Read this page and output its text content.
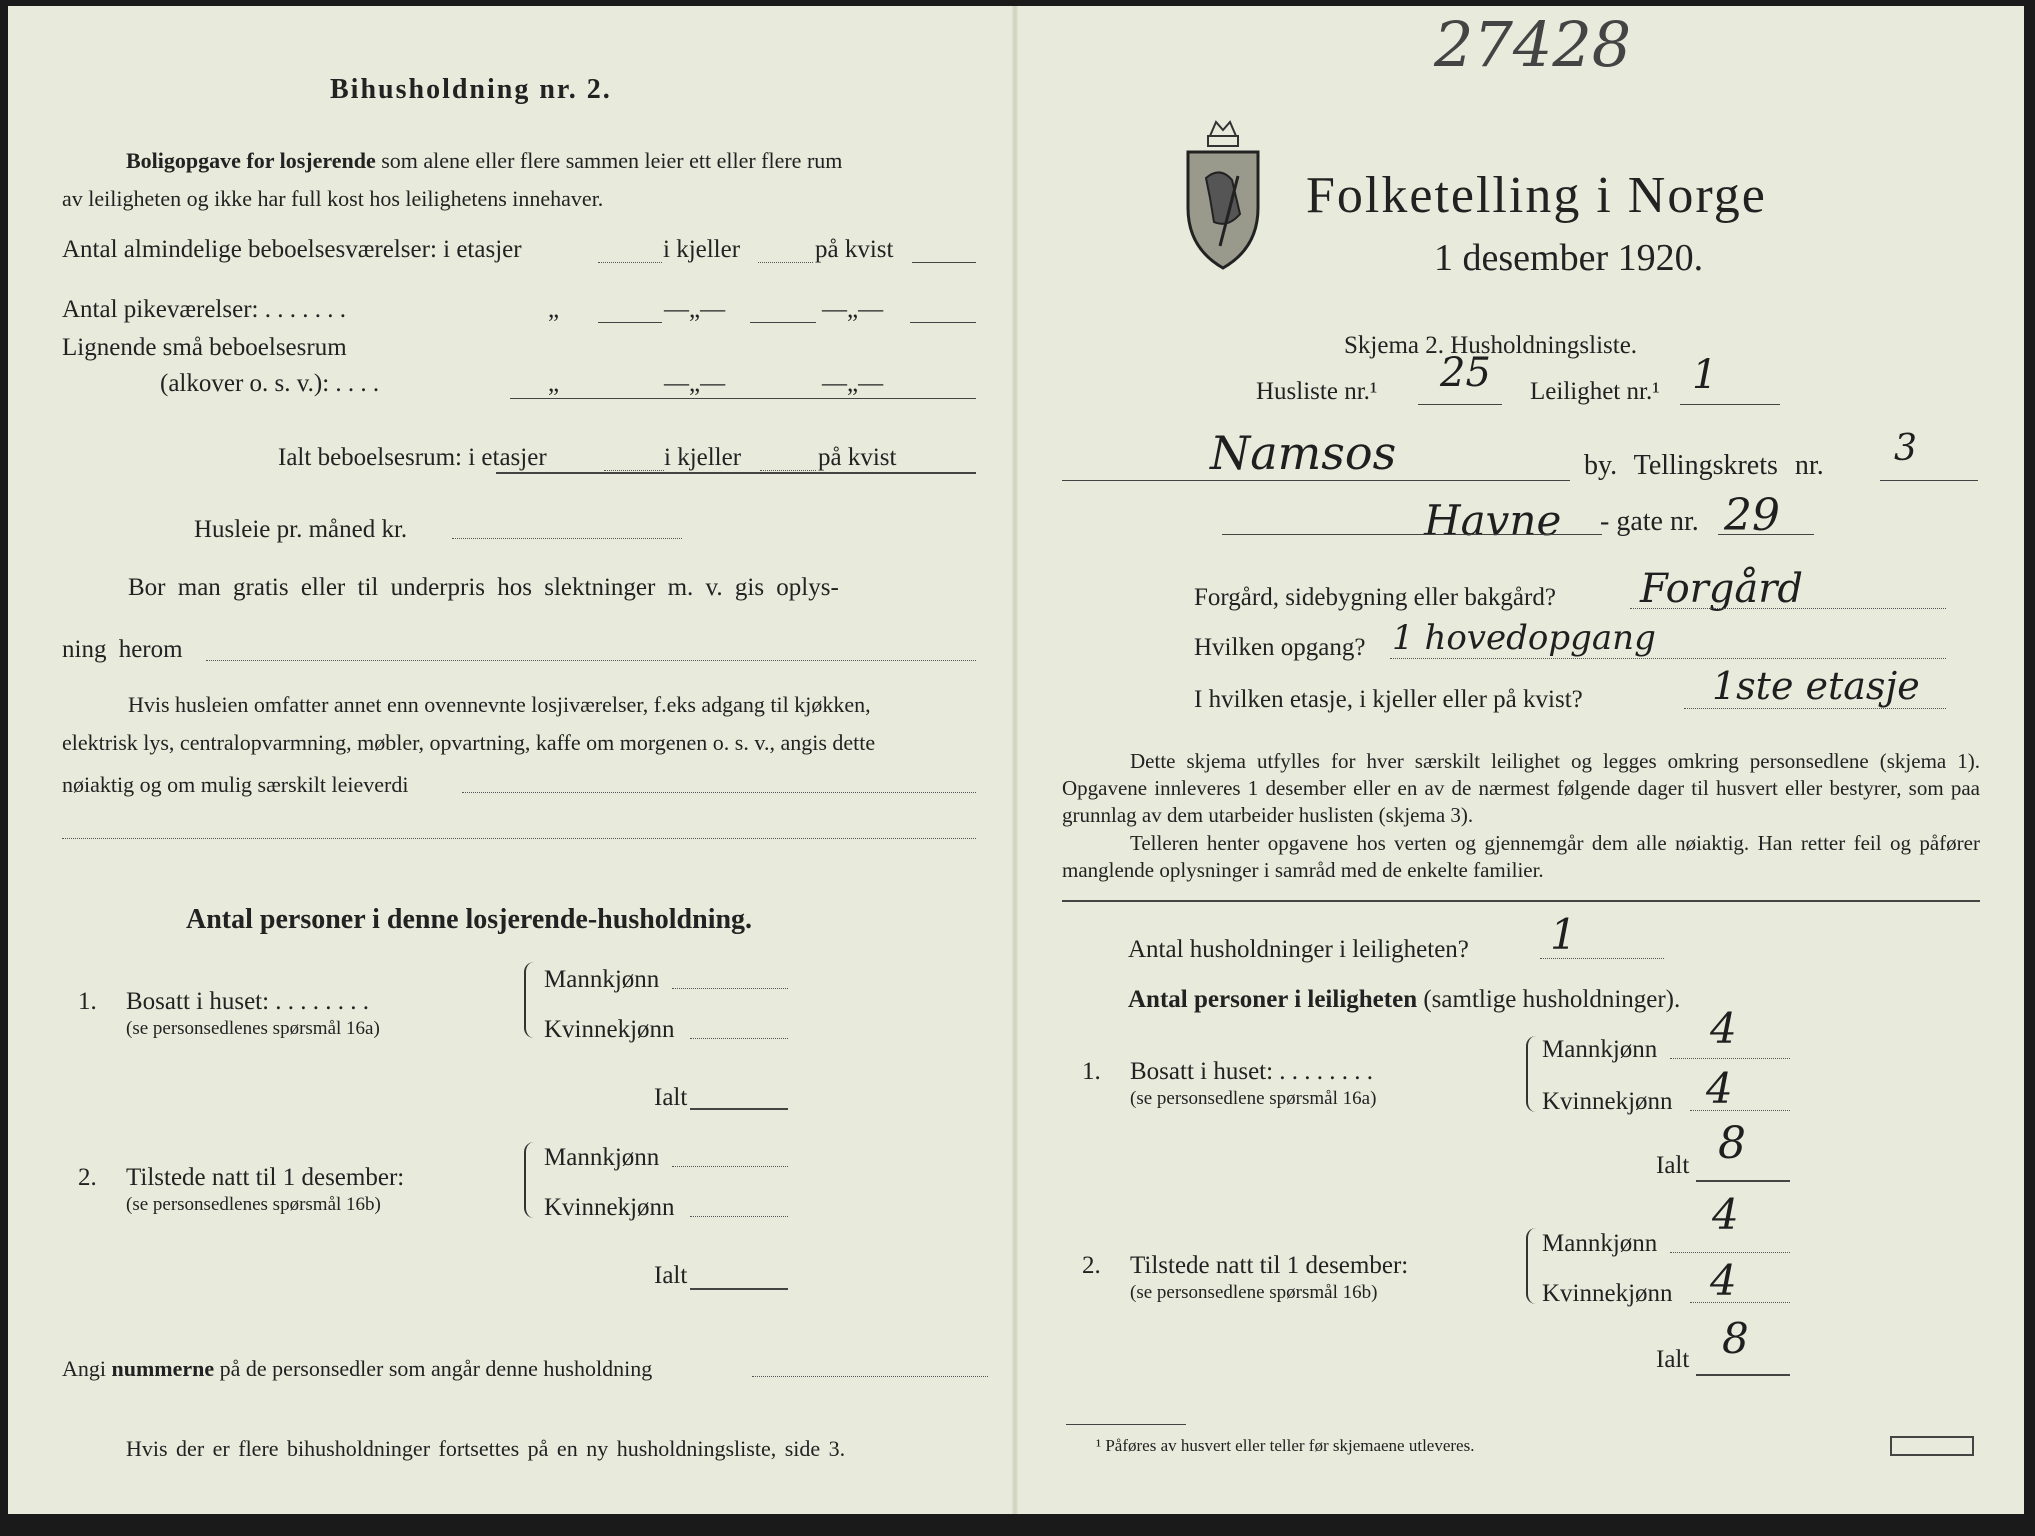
Bihusholdning nr. 2.
Boligopgave for losjerende som alene eller flere sammen leier ett eller flere rum
av leiligheten og ikke har full kost hos leilighetens innehaver.
Antal almindelige beboelsesværelser: i etasjer	i kjeller	på kvist
Antal pikeværelser: . . . . . . .	„	—„—	—„—
Lignende små beboelsesrum
(alkover o. s. v.): . . . .	„	—„—	—„—
Ialt beboelsesrum: i etasjer	i kjeller	på kvist
Husleie pr. måned kr.
Bor man gratis eller til underpris hos slektninger m. v. gis oplys-
ning herom
Hvis husleien omfatter annet enn ovennevnte losjiværelser, f.eks adgang til kjøkken,
elektrisk lys, centralopvarmning, møbler, opvartning, kaffe om morgenen o. s. v., angis dette
nøiaktig og om mulig særskilt leieverdi
Antal personer i denne losjerende-husholdning.
1. Bosatt i huset: . . . . . . . .
(se personsedlenes spørsmål 16a)
Mannkjønn
Kvinnekjønn
Ialt
2. Tilstede natt til 1 desember:
(se personsedlenes spørsmål 16b)
Mannkjønn
Kvinnekjønn
Ialt
Angi nummerne på de personsedler som angår denne husholdning
Hvis der er flere bihusholdninger fortsettes på en ny husholdningsliste, side 3.
27428
Folketelling i Norge
1 desember 1920.
Skjema 2. Husholdningsliste.
Husliste nr.¹ 25 Leilighet nr.¹ 1
Namsos	by. Tellingskrets nr. 3
Havne - gate nr. 29
Forgård, sidebygning eller bakgård? Forgård
Hvilken opgang? 1 hovedopgang
I hvilken etasje, i kjeller eller på kvist?	1ste etasje
Dette skjema utfylles for hver særskilt leilighet og legges omkring personsedlene (skjema 1). Opgavene innleveres 1 desember eller en av de nærmest følgende dager til husvert eller bestyrer, som paa grunnlag av dem utarbeider huslisten (skjema 3).
Telleren henter opgavene hos verten og gjennemgår dem alle nøiaktig. Han retter feil og påfører manglende oplysninger i samråd med de enkelte familier.
Antal husholdninger i leiligheten? 1
Antal personer i leiligheten (samtlige husholdninger).
1. Bosatt i huset: . . . . . . . .
(se personsedlene spørsmål 16a)
Mannkjønn 4
Kvinnekjønn 4
Ialt 8
2. Tilstede natt til 1 desember:
(se personsedlene spørsmål 16b)
Mannkjønn
4
Kvinnekjønn 4
Ialt 8
¹ Påføres av husvert eller teller før skjemaene utleveres.
